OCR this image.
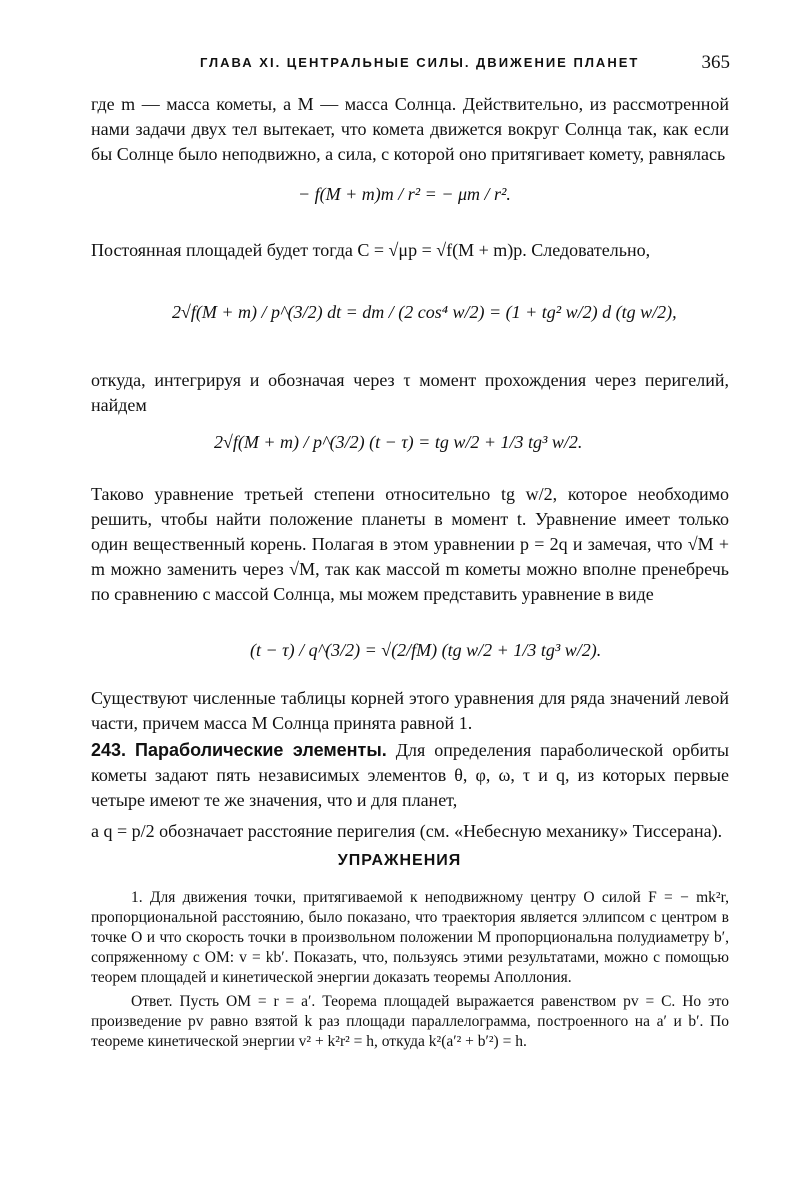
ГЛАВА XI. ЦЕНТРАЛЬНЫЕ СИЛЫ. ДВИЖЕНИЕ ПЛАНЕТ	365

где m — масса кометы, а M — масса Солнца. Действительно, из рассмотренной нами задачи двух тел вытекает, что комета движется вокруг Солнца так, как если бы Солнце было неподвижно, а сила, с которой оно притягивает комету, равнялась

− f(M + m)m / r² = − μm / r².

Постоянная площадей будет тогда C = √μp = √f(M + m)p. Следовательно,

2√f(M + m) / p^(3/2) dt = dm / (2 cos⁴ w/2) = (1 + tg² w/2) d (tg w/2),

откуда, интегрируя и обозначая через τ момент прохождения через перигелий, найдем

2√f(M + m) / p^(3/2) (t − τ) = tg w/2 + 1/3 tg³ w/2.

Таково уравнение третьей степени относительно tg w/2, которое необходимо решить, чтобы найти положение планеты в момент t. Уравнение имеет только один вещественный корень. Полагая в этом уравнении p = 2q и замечая, что √M + m можно заменить через √M, так как массой m кометы можно вполне пренебречь по сравнению с массой Солнца, мы можем представить уравнение в виде

(t − τ) / q^(3/2) = √(2/fM) (tg w/2 + 1/3 tg³ w/2).

Существуют численные таблицы корней этого уравнения для ряда значений левой части, причем масса M Солнца принята равной 1.

243. Параболические элементы. Для определения параболической орбиты кометы задают пять независимых элементов θ, φ, ω, τ и q, из которых первые четыре имеют те же значения, что и для планет,

а q = p/2 обозначает расстояние перигелия (см. «Небесную механику» Тиссерана).

УПРАЖНЕНИЯ

1. Для движения точки, притягиваемой к неподвижному центру O силой F = − mk²r, пропорциональной расстоянию, было показано, что траектория является эллипсом с центром в точке O и что скорость точки в произвольном положении M пропорциональна полудиаметру b′, сопряженному с OM: v = kb′. Показать, что, пользуясь этими результатами, можно с помощью теорем площадей и кинетической энергии доказать теоремы Аполлония.

Ответ. Пусть OM = r = a′. Теорема площадей выражается равенством pv = C. Но это произведение pv равно взятой k раз площади параллелограмма, построенного на a′ и b′. По теореме кинетической энергии v² + k²r² = h, откуда k²(a′² + b′²) = h.
